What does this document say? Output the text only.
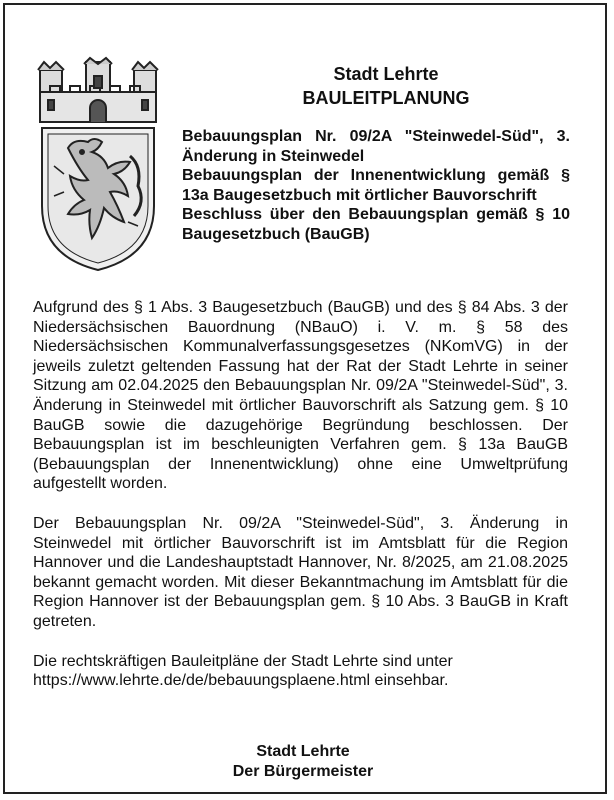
Stadt Lehrte
BAULEITPLANUNG
Bebauungsplan Nr. 09/2A "Steinwedel-Süd", 3. Änderung in Steinwedel
Bebauungsplan der Innenentwicklung gemäß § 13a Baugesetzbuch mit örtlicher Bauvorschrift
Beschluss über den Bebauungsplan gemäß § 10 Baugesetzbuch (BauGB)

Aufgrund des § 1 Abs. 3 Baugesetzbuch (BauGB) und des § 84 Abs. 3 der Niedersächsischen Bauordnung (NBauO) i. V. m. § 58 des Niedersächsischen Kommunalverfassungsgesetzes (NKomVG) in der jeweils zuletzt geltenden Fassung hat der Rat der Stadt Lehrte in seiner Sitzung am 02.04.2025 den Bebauungsplan Nr. 09/2A "Steinwedel-Süd", 3. Änderung in Steinwedel mit örtlicher Bauvorschrift als Satzung gem. § 10 BauGB sowie die dazugehörige Begründung beschlossen. Der Bebauungsplan ist im beschleunigten Verfahren gem. § 13a BauGB (Bebauungsplan der Innenentwicklung) ohne eine Umweltprüfung aufgestellt worden.

Der Bebauungsplan Nr. 09/2A "Steinwedel-Süd", 3. Änderung in Steinwedel mit örtlicher Bauvorschrift ist im Amtsblatt für die Region Hannover und die Landeshauptstadt Hannover, Nr. 8/2025, am 21.08.2025 bekannt gemacht worden. Mit dieser Bekanntmachung im Amtsblatt für die Region Hannover ist der Bebauungsplan gem. § 10 Abs. 3 BauGB in Kraft getreten.

Die rechtskräftigen Bauleitpläne der Stadt Lehrte sind unter https://www.lehrte.de/de/bebauungsplaene.html einsehbar.

Stadt Lehrte
Der Bürgermeister
